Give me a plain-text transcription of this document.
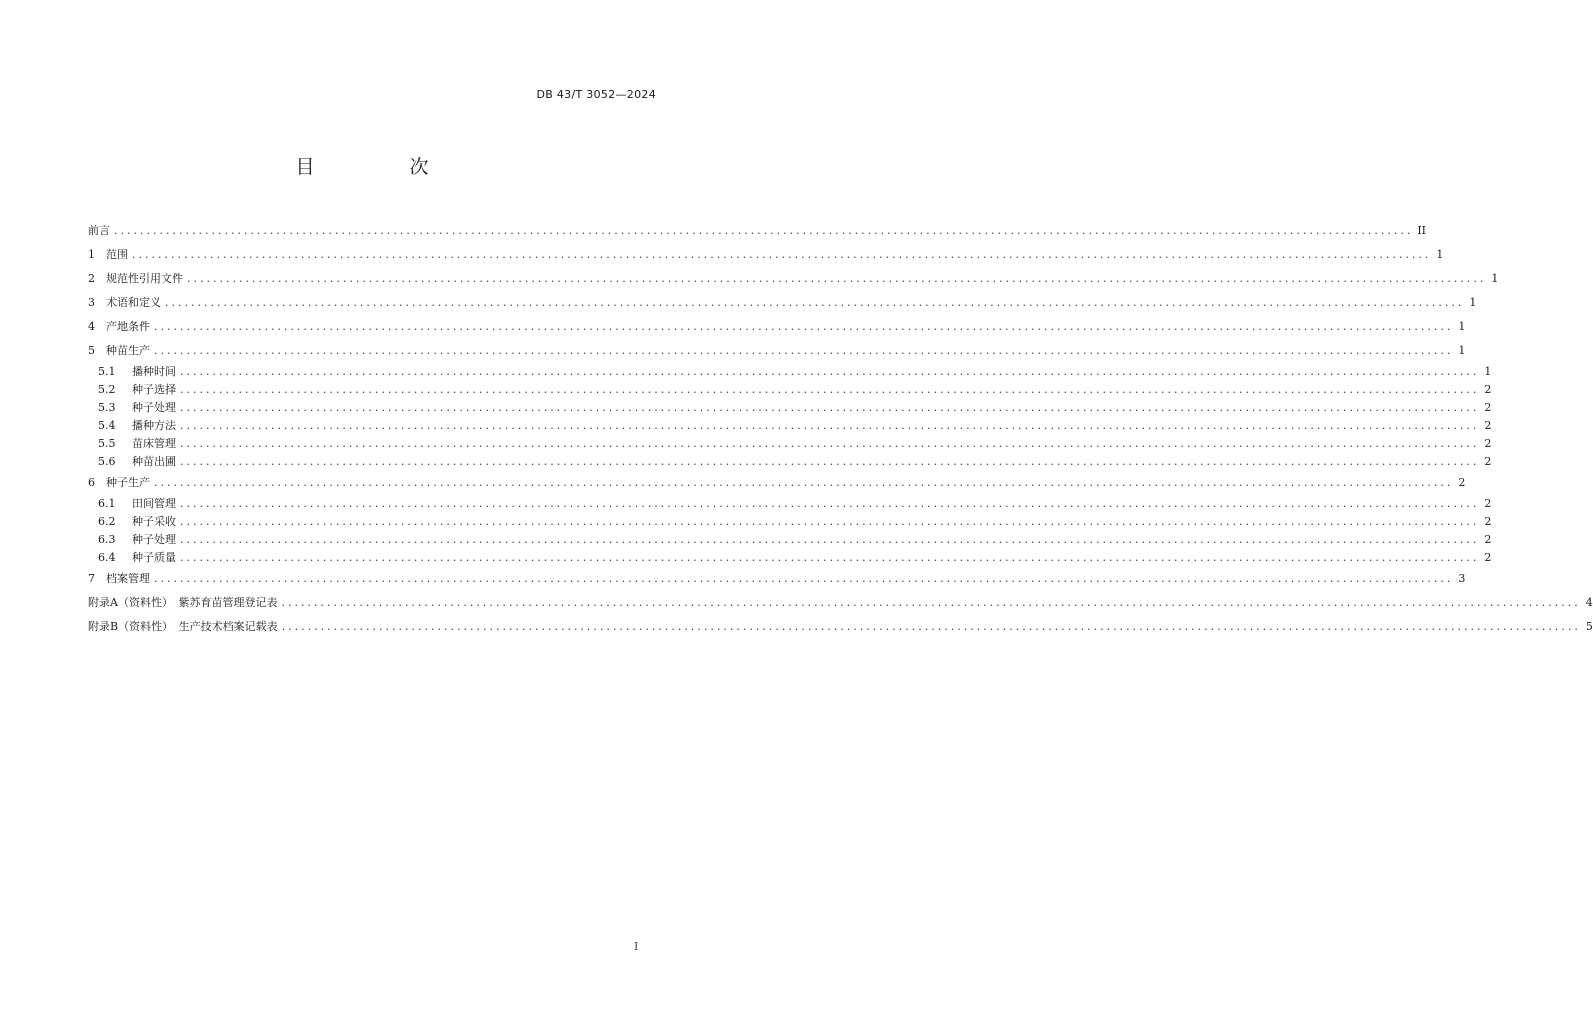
DB 43/T 3052—2024
目　次
前言 ........................................................................................................................................................................................................ II
1	范围 ........................................................................................................................................................................................................ 1
2	规范性引用文件 ........................................................................................................................................................................................................ 1
3	术语和定义 ........................................................................................................................................................................................................ 1
4	产地条件 ........................................................................................................................................................................................................ 1
5	种苗生产 ........................................................................................................................................................................................................ 1
5.1	播种时间 ........................................................................................................................................................................................................ 1
5.2	种子选择 ........................................................................................................................................................................................................ 2
5.3	种子处理 ........................................................................................................................................................................................................ 2
5.4	播种方法 ........................................................................................................................................................................................................ 2
5.5	苗床管理 ........................................................................................................................................................................................................ 2
5.6	种苗出圃 ........................................................................................................................................................................................................ 2
6	种子生产 ........................................................................................................................................................................................................ 2
6.1	田间管理 ........................................................................................................................................................................................................ 2
6.2	种子采收 ........................................................................................................................................................................................................ 2
6.3	种子处理 ........................................................................................................................................................................................................ 2
6.4	种子质量 ........................................................................................................................................................................................................ 2
7	档案管理 ........................................................................................................................................................................................................ 3
附录A（资料性）　紫苏育苗管理登记表 ........................................................................................................................................................................................................ 4
附录B（资料性）　生产技术档案记载表 ........................................................................................................................................................................................................ 5
I
